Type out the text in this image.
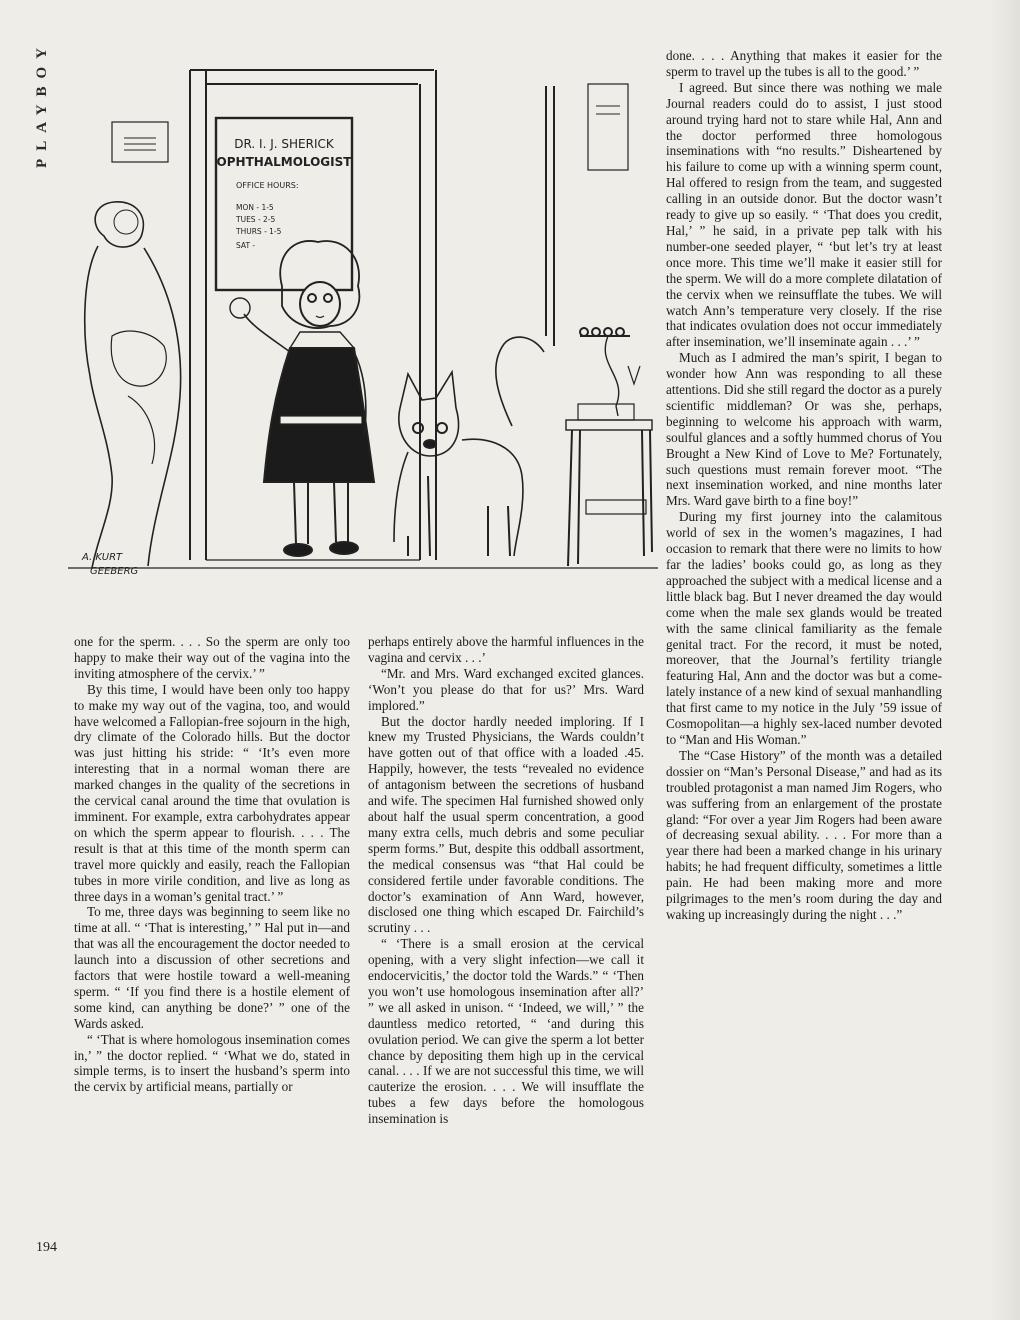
PLAYBOY	DR. I. J. SHERICK
OPHTHALMOLOGIST
OFFICE HOURS:
MON - 1-5
TUES - 2-5
THURS - 1-5
SAT -
A. KURT
GEEBERG

one for the sperm. . . . So the sperm are only too happy to make their way out of the vagina into the inviting atmosphere of the cervix.’ ”

By this time, I would have been only too happy to make my way out of the vagina, too, and would have welcomed a Fallopian-free sojourn in the high, dry climate of the Colorado hills. But the doctor was just hitting his stride: “ ‘It’s even more interesting that in a normal woman there are marked changes in the quality of the secretions in the cervical canal around the time that ovulation is imminent. For example, extra carbohydrates appear on which the sperm appear to flourish. . . . The result is that at this time of the month sperm can travel more quickly and easily, reach the Fallopian tubes in more virile condition, and live as long as three days in a woman’s genital tract.’ ”

To me, three days was beginning to seem like no time at all. “ ‘That is interesting,’ ” Hal put in—and that was all the encouragement the doctor needed to launch into a discussion of other secretions and factors that were hostile toward a well-meaning sperm. “ ‘If you find there is a hostile element of some kind, can anything be done?’ ” one of the Wards asked.

“ ‘That is where homologous insemination comes in,’ ” the doctor replied. “ ‘What we do, stated in simple terms, is to insert the husband’s sperm into the cervix by artificial means, partially or

perhaps entirely above the harmful influences in the vagina and cervix . . .’

“Mr. and Mrs. Ward exchanged excited glances. ‘Won’t you please do that for us?’ Mrs. Ward implored.”

But the doctor hardly needed imploring. If I knew my Trusted Physicians, the Wards couldn’t have gotten out of that office with a loaded .45. Happily, however, the tests “revealed no evidence of antagonism between the secretions of husband and wife. The specimen Hal furnished showed only about half the usual sperm concentration, a good many extra cells, much debris and some peculiar sperm forms.” But, despite this oddball assortment, the medical consensus was “that Hal could be considered fertile under favorable conditions. The doctor’s examination of Ann Ward, however, disclosed one thing which escaped Dr. Fairchild’s scrutiny . . .

“ ‘There is a small erosion at the cervical opening, with a very slight infection—we call it endocervicitis,’ the doctor told the Wards.” “ ‘Then you won’t use homologous insemination after all?’ ” we all asked in unison. “ ‘Indeed, we will,’ ” the dauntless medico retorted, “ ‘and during this ovulation period. We can give the sperm a lot better chance by depositing them high up in the cervical canal. . . . If we are not successful this time, we will cauterize the erosion. . . . We will insufflate the tubes a few days before the homologous insemination is

done. . . . Anything that makes it easier for the sperm to travel up the tubes is all to the good.’ ”

I agreed. But since there was nothing we male Journal readers could do to assist, I just stood around trying hard not to stare while Hal, Ann and the doctor performed three homologous inseminations with “no results.” Disheartened by his failure to come up with a winning sperm count, Hal offered to resign from the team, and suggested calling in an outside donor. But the doctor wasn’t ready to give up so easily. “ ‘That does you credit, Hal,’ ” he said, in a private pep talk with his number-one seeded player, “ ‘but let’s try at least once more. This time we’ll make it easier still for the sperm. We will do a more complete dilatation of the cervix when we reinsufflate the tubes. We will watch Ann’s temperature very closely. If the rise that indicates ovulation does not occur immediately after insemination, we’ll inseminate again . . .’ ”

Much as I admired the man’s spirit, I began to wonder how Ann was responding to all these attentions. Did she still regard the doctor as a purely scientific middleman? Or was she, perhaps, beginning to welcome his approach with warm, soulful glances and a softly hummed chorus of You Brought a New Kind of Love to Me? Fortunately, such questions must remain forever moot. “The next insemination worked, and nine months later Mrs. Ward gave birth to a fine boy!”

During my first journey into the calamitous world of sex in the women’s magazines, I had occasion to remark that there were no limits to how far the ladies’ books could go, as long as they approached the subject with a medical license and a little black bag. But I never dreamed the day would come when the male sex glands would be treated with the same clinical familiarity as the female genital tract. For the record, it must be noted, moreover, that the Journal’s fertility triangle featuring Hal, Ann and the doctor was but a come-lately instance of a new kind of sexual manhandling that first came to my notice in the July ’59 issue of Cosmopolitan—a highly sex-laced number devoted to “Man and His Woman.”

The “Case History” of the month was a detailed dossier on “Man’s Personal Disease,” and had as its troubled protagonist a man named Jim Rogers, who was suffering from an enlargement of the prostate gland: “For over a year Jim Rogers had been aware of decreasing sexual ability. . . . For more than a year there had been a marked change in his urinary habits; he had frequent difficulty, sometimes a little pain. He had been making more and more pilgrimages to the men’s room during the day and waking up increasingly during the night . . .”

194
